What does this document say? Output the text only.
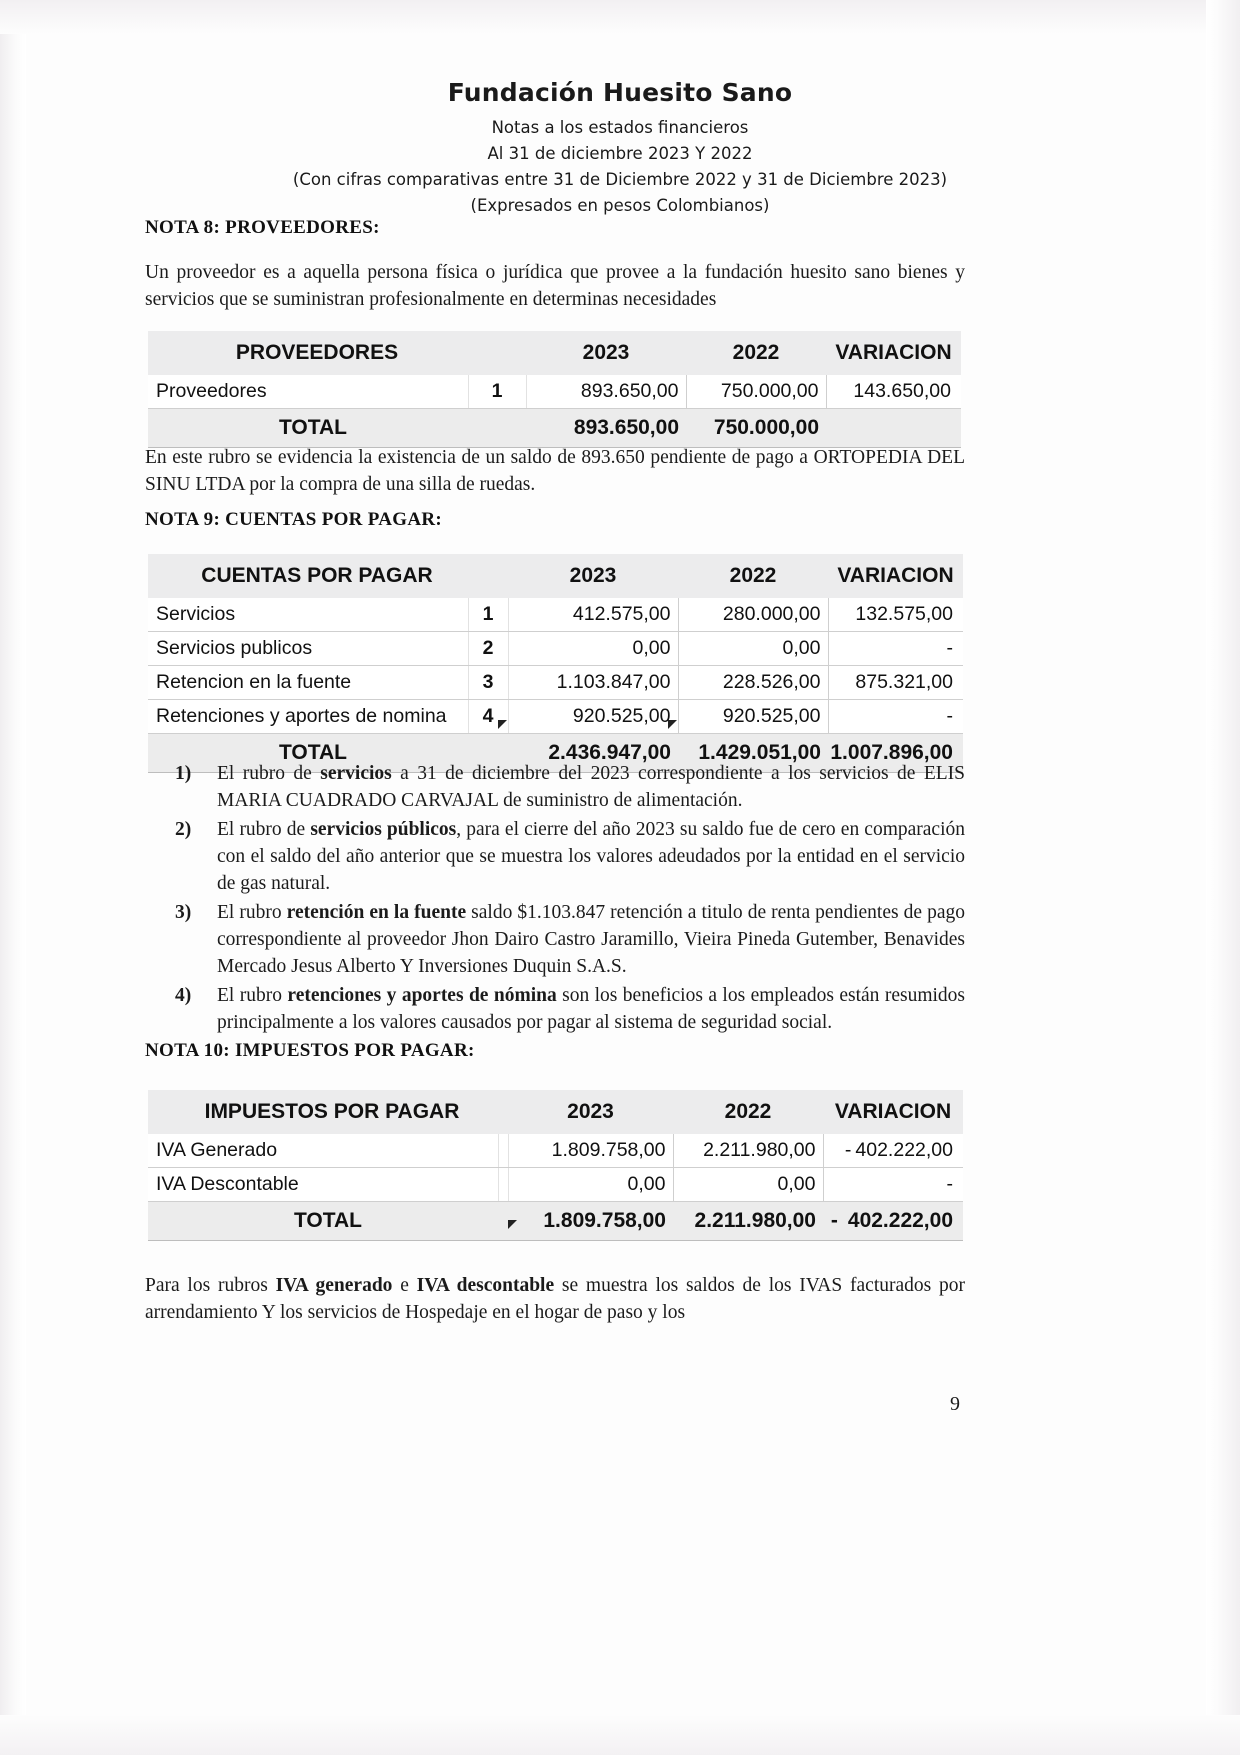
Fundación Huesito Sano
Notas a los estados financieros
Al 31 de diciembre 2023 Y 2022
(Con cifras comparativas entre 31 de Diciembre 2022 y 31 de Diciembre 2023)
(Expresados en pesos Colombianos)
NOTA 8: PROVEEDORES:
Un proveedor es a aquella persona física o jurídica que provee a la fundación huesito sano bienes y servicios que se suministran profesionalmente en determinas necesidades
PROVEEDORES		2023	2022	VARIACION
Proveedores	1	893.650,00	750.000,00	143.650,00
TOTAL		893.650,00	750.000,00	
En este rubro se evidencia la existencia de un saldo de 893.650 pendiente de pago a ORTOPEDIA DEL SINU LTDA por la compra de una silla de ruedas.
NOTA 9: CUENTAS POR PAGAR:
CUENTAS POR PAGAR		2023	2022	VARIACION
Servicios	1	412.575,00	280.000,00	132.575,00
Servicios publicos	2	0,00	0,00	-
Retencion en la fuente	3	1.103.847,00	228.526,00	875.321,00
Retenciones y aportes de nomina	4	920.525,00	920.525,00	-
TOTAL		2.436.947,00	1.429.051,00	1.007.896,00
1)	El rubro de servicios a 31 de diciembre del 2023 correspondiente a los servicios de ELIS MARIA CUADRADO CARVAJAL de suministro de alimentación.
2)	El rubro de servicios públicos, para el cierre del año 2023 su saldo fue de cero en comparación con el saldo del año anterior que se muestra los valores adeudados por la entidad en el servicio de gas natural.
3)	El rubro retención en la fuente saldo $1.103.847 retención a titulo de renta pendientes de pago correspondiente al proveedor Jhon Dairo Castro Jaramillo, Vieira Pineda Gutember, Benavides Mercado Jesus Alberto Y Inversiones Duquin S.A.S.
4)	El rubro retenciones y aportes de nómina son los beneficios a los empleados están resumidos principalmente a los valores causados por pagar al sistema de seguridad social.
NOTA 10: IMPUESTOS POR PAGAR:
IMPUESTOS POR PAGAR		2023	2022	VARIACION
IVA Generado		1.809.758,00	2.211.980,00	- 402.222,00
IVA Descontable		0,00	0,00	-
TOTAL		1.809.758,00	2.211.980,00	- 402.222,00
Para los rubros IVA generado e IVA descontable se muestra los saldos de los IVAS facturados por arrendamiento Y los servicios de Hospedaje en el hogar de paso y los
9
